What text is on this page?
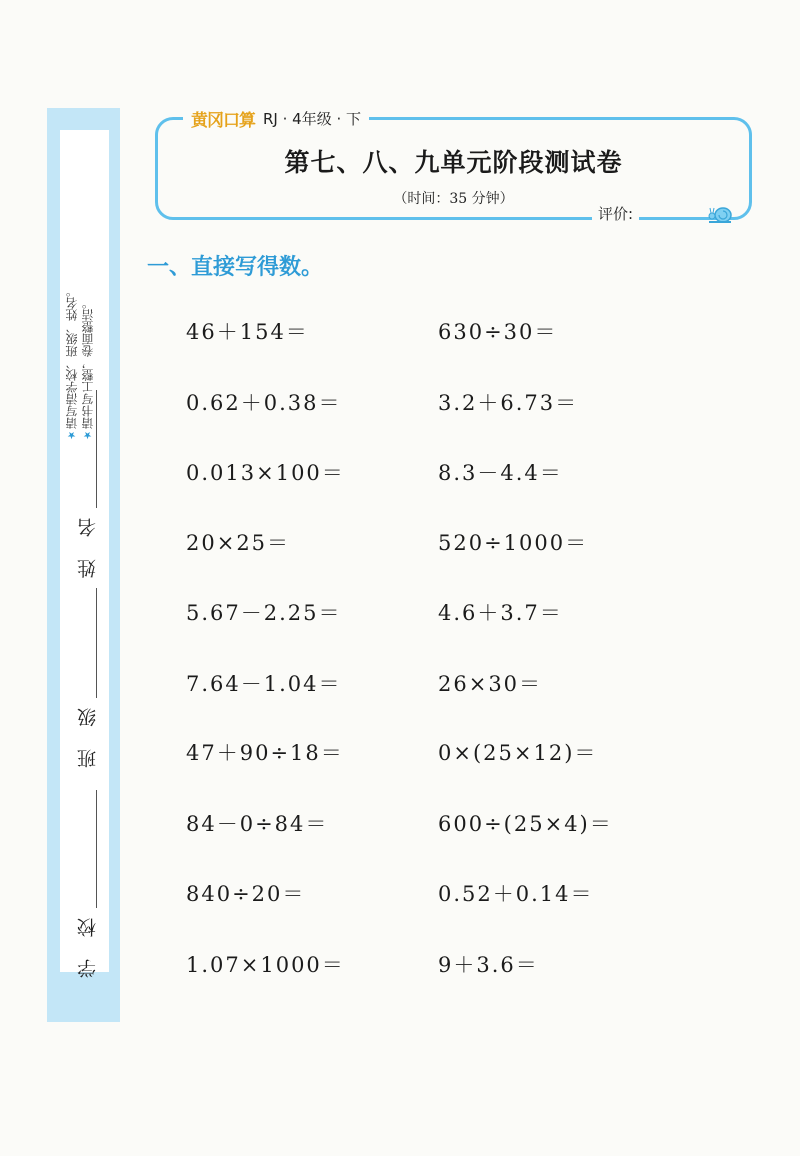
★请写清学校、班级、姓名。
★请书写工整，卷面整洁。
姓 名
班 级
学 校
黄冈口算 RJ · 4年级 · 下
第七、八、九单元阶段测试卷
（时间：35 分钟）
评价:
一、直接写得数。
46＋154＝
0.62＋0.38＝
0.013×100＝
20×25＝
5.67－2.25＝
7.64－1.04＝
47＋90÷18＝
84－0÷84＝
840÷20＝
1.07×1000＝
630÷30＝
3.2＋6.73＝
8.3－4.4＝
520÷1000＝
4.6＋3.7＝
26×30＝
0×(25×12)＝
600÷(25×4)＝
0.52＋0.14＝
9＋3.6＝
